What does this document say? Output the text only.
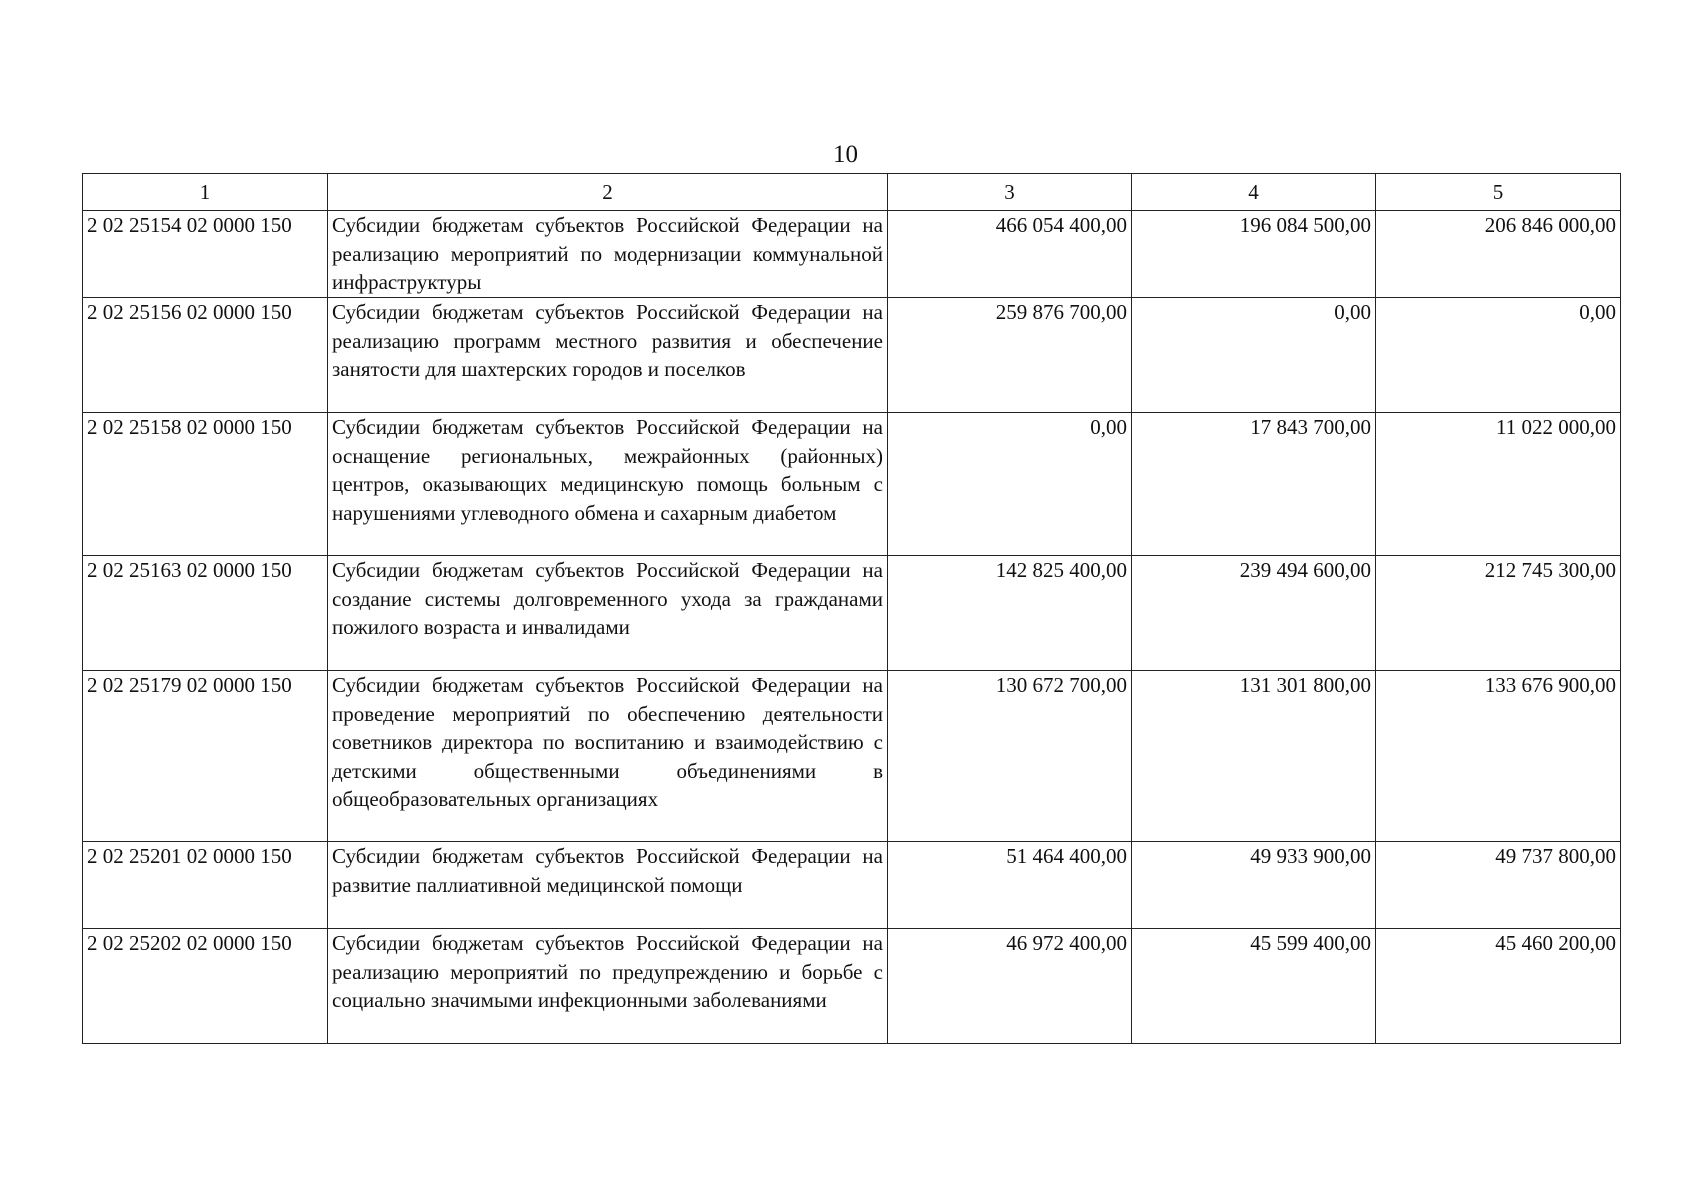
10
1	2	3	4	5
2 02 25154 02 0000 150	Субсидии бюджетам субъектов Российской Федерации на реализацию мероприятий по модернизации коммунальной инфраструктуры	466 054 400,00	196 084 500,00	206 846 000,00
2 02 25156 02 0000 150	Субсидии бюджетам субъектов Российской Федерации на реализацию программ местного развития и обеспечение занятости для шахтерских городов и поселков	259 876 700,00	0,00	0,00
2 02 25158 02 0000 150	Субсидии бюджетам субъектов Российской Федерации на оснащение региональных, межрайонных (районных) центров, оказывающих медицинскую помощь больным с нарушениями углеводного обмена и сахарным диабетом	0,00	17 843 700,00	11 022 000,00
2 02 25163 02 0000 150	Субсидии бюджетам субъектов Российской Федерации на создание системы долговременного ухода за гражданами пожилого возраста и инвалидами	142 825 400,00	239 494 600,00	212 745 300,00
2 02 25179 02 0000 150	Субсидии бюджетам субъектов Российской Федерации на проведение мероприятий по обеспечению деятельности советников директора по воспитанию и взаимодействию с детскими общественными объединениями в общеобразовательных организациях	130 672 700,00	131 301 800,00	133 676 900,00
2 02 25201 02 0000 150	Субсидии бюджетам субъектов Российской Федерации на развитие паллиативной медицинской помощи	51 464 400,00	49 933 900,00	49 737 800,00
2 02 25202 02 0000 150	Субсидии бюджетам субъектов Российской Федерации на реализацию мероприятий по предупреждению и борьбе с социально значимыми инфекционными заболеваниями	46 972 400,00	45 599 400,00	45 460 200,00
